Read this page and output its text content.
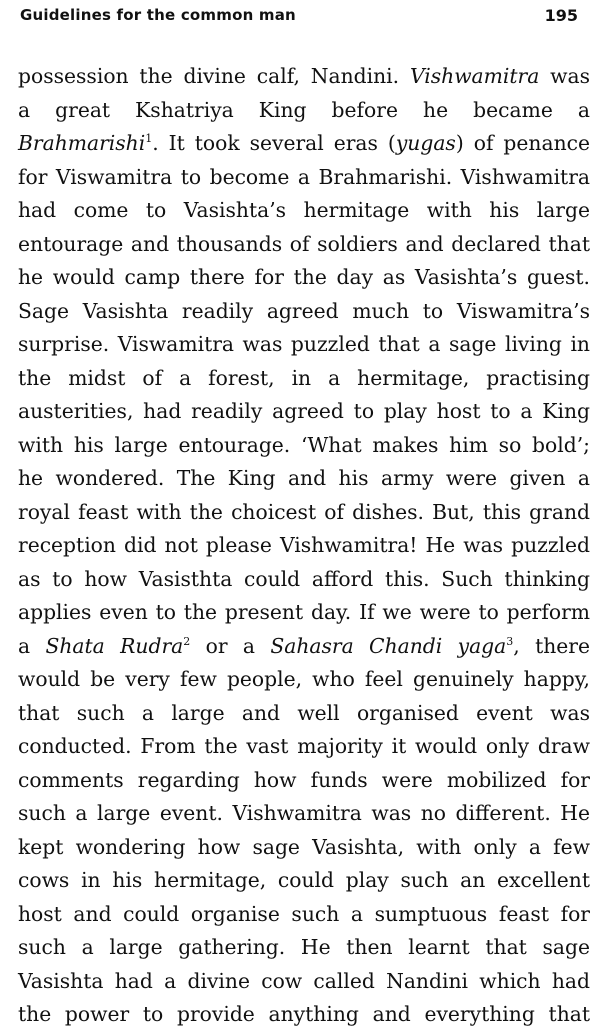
Guidelines for the common man	195
possession the divine calf, Nandini. Vishwamitra was
a great Kshatriya King before he became a
Brahmarishi$^1$. It took several eras (yugas) of penance
for Viswamitra to become a Brahmarishi. Vishwamitra
had come to Vasishta’s hermitage with his large
entourage and thousands of soldiers and declared that
he would camp there for the day as Vasishta’s guest.
Sage Vasishta readily agreed much to Viswamitra’s
surprise. Viswamitra was puzzled that a sage living in
the midst of a forest, in a hermitage, practising
austerities, had readily agreed to play host to a King
with his large entourage. ‘What makes him so bold’;
he wondered. The King and his army were given a
royal feast with the choicest of dishes. But, this grand
reception did not please Vishwamitra! He was puzzled
as to how Vasisthta could afford this. Such thinking
applies even to the present day. If we were to perform
a Shata Rudra$^2$ or a Sahasra Chandi yaga$^3$, there
would be very few people, who feel genuinely happy,
that such a large and well organised event was
conducted. From the vast majority it would only draw
comments regarding how funds were mobilized for
such a large event. Vishwamitra was no different. He
kept wondering how sage Vasishta, with only a few
cows in his hermitage, could play such an excellent
host and could organise such a sumptuous feast for
such a large gathering. He then learnt that sage
Vasishta had a divine cow called Nandini which had
the power to provide anything and everything that
